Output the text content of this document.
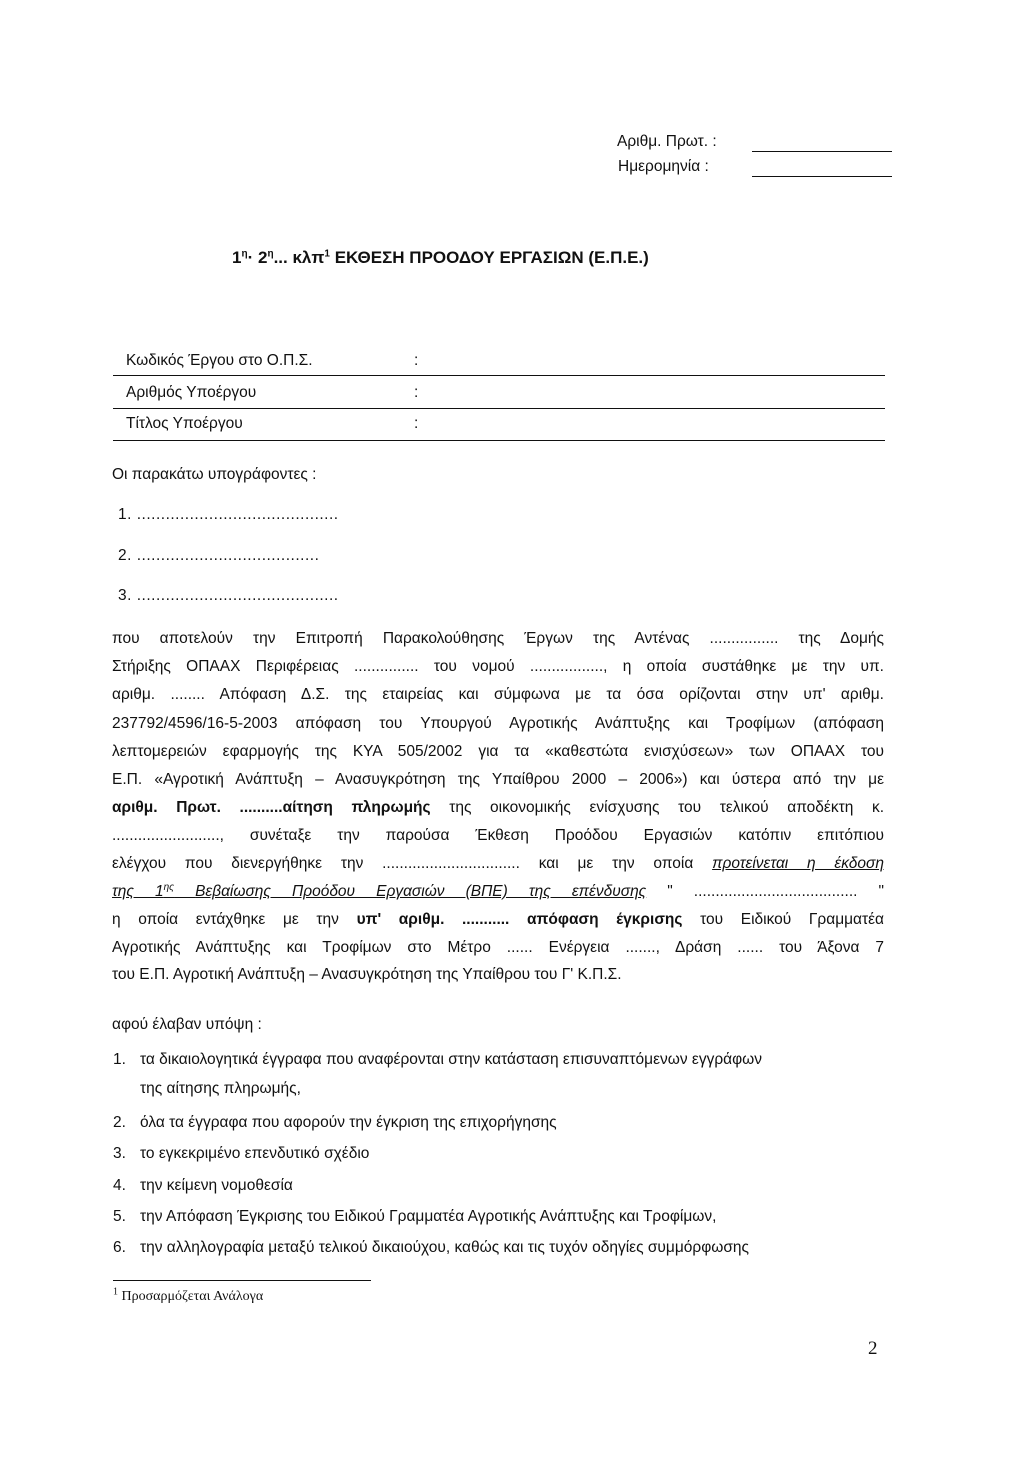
Αριθμ. Πρωτ. :
Ημερομηνία :
$1^\eta\cdot 2^\eta$... κλπ$^1$ ΕΚΘΕΣΗ ΠΡΟΟΔΟΥ ΕΡΓΑΣΙΩΝ (Ε.Π.Ε.)
Κωδικός Έργου στο Ο.Π.Σ.	:
Αριθμός Υποέργου	:
Τίτλος Υποέργου	:
Οι παρακάτω υπογράφοντες :
1. ..........................................
2. ......................................
3. ..........................................
που αποτελούν την Επιτροπή Παρακολούθησης Έργων της Αντένας ................ της Δομής
Στήριξης ΟΠΑΑΧ Περιφέρειας ............... του νομού ................., η οποία συστάθηκε με την υπ.
αριθμ. ........ Απόφαση Δ.Σ. της εταιρείας και σύμφωνα με τα όσα ορίζονται στην υπ' αριθμ.
237792/4596/16-5-2003 απόφαση του Υπουργού Αγροτικής Ανάπτυξης και Τροφίμων (απόφαση
λεπτομερειών εφαρμογής της ΚΥΑ 505/2002 για τα «καθεστώτα ενισχύσεων» των ΟΠΑΑΧ του
Ε.Π. «Αγροτική Ανάπτυξη – Ανασυγκρότηση της Υπαίθρου 2000 – 2006») και ύστερα από την με
αριθμ. Πρωτ. ..........αίτηση πληρωμής της οικονομικής ενίσχυσης του τελικού αποδέκτη κ.
........................., συνέταξε την παρούσα Έκθεση Προόδου Εργασιών κατόπιν επιτόπιου
ελέγχου που διενεργήθηκε την ................................ και με την οποία προτείνεται η έκδοση
της $1^{\eta\varsigma}$ Βεβαίωσης Προόδου Εργασιών (ΒΠΕ) της επένδυσης " ...................................... "
η οποία εντάχθηκε με την υπ' αριθμ. ........... απόφαση έγκρισης του Ειδικού Γραμματέα
Αγροτικής Ανάπτυξης και Τροφίμων στο Μέτρο ...... Ενέργεια ......., Δράση ...... του Άξονα 7
του Ε.Π. Αγροτική Ανάπτυξη – Ανασυγκρότηση της Υπαίθρου του Γ' Κ.Π.Σ.
αφού έλαβαν υπόψη :
1. τα δικαιολογητικά έγγραφα που αναφέρονται στην κατάσταση επισυναπτόμενων εγγράφων
της αίτησης πληρωμής,
2. όλα τα έγγραφα που αφορούν την έγκριση της επιχορήγησης
3. το εγκεκριμένο επενδυτικό σχέδιο
4. την κείμενη νομοθεσία
5. την Απόφαση Έγκρισης του Ειδικού Γραμματέα Αγροτικής Ανάπτυξης και Τροφίμων,
6. την αλληλογραφία μεταξύ τελικού δικαιούχου, καθώς και τις τυχόν οδηγίες συμμόρφωσης
$^1$ Προσαρμόζεται Ανάλογα
2
